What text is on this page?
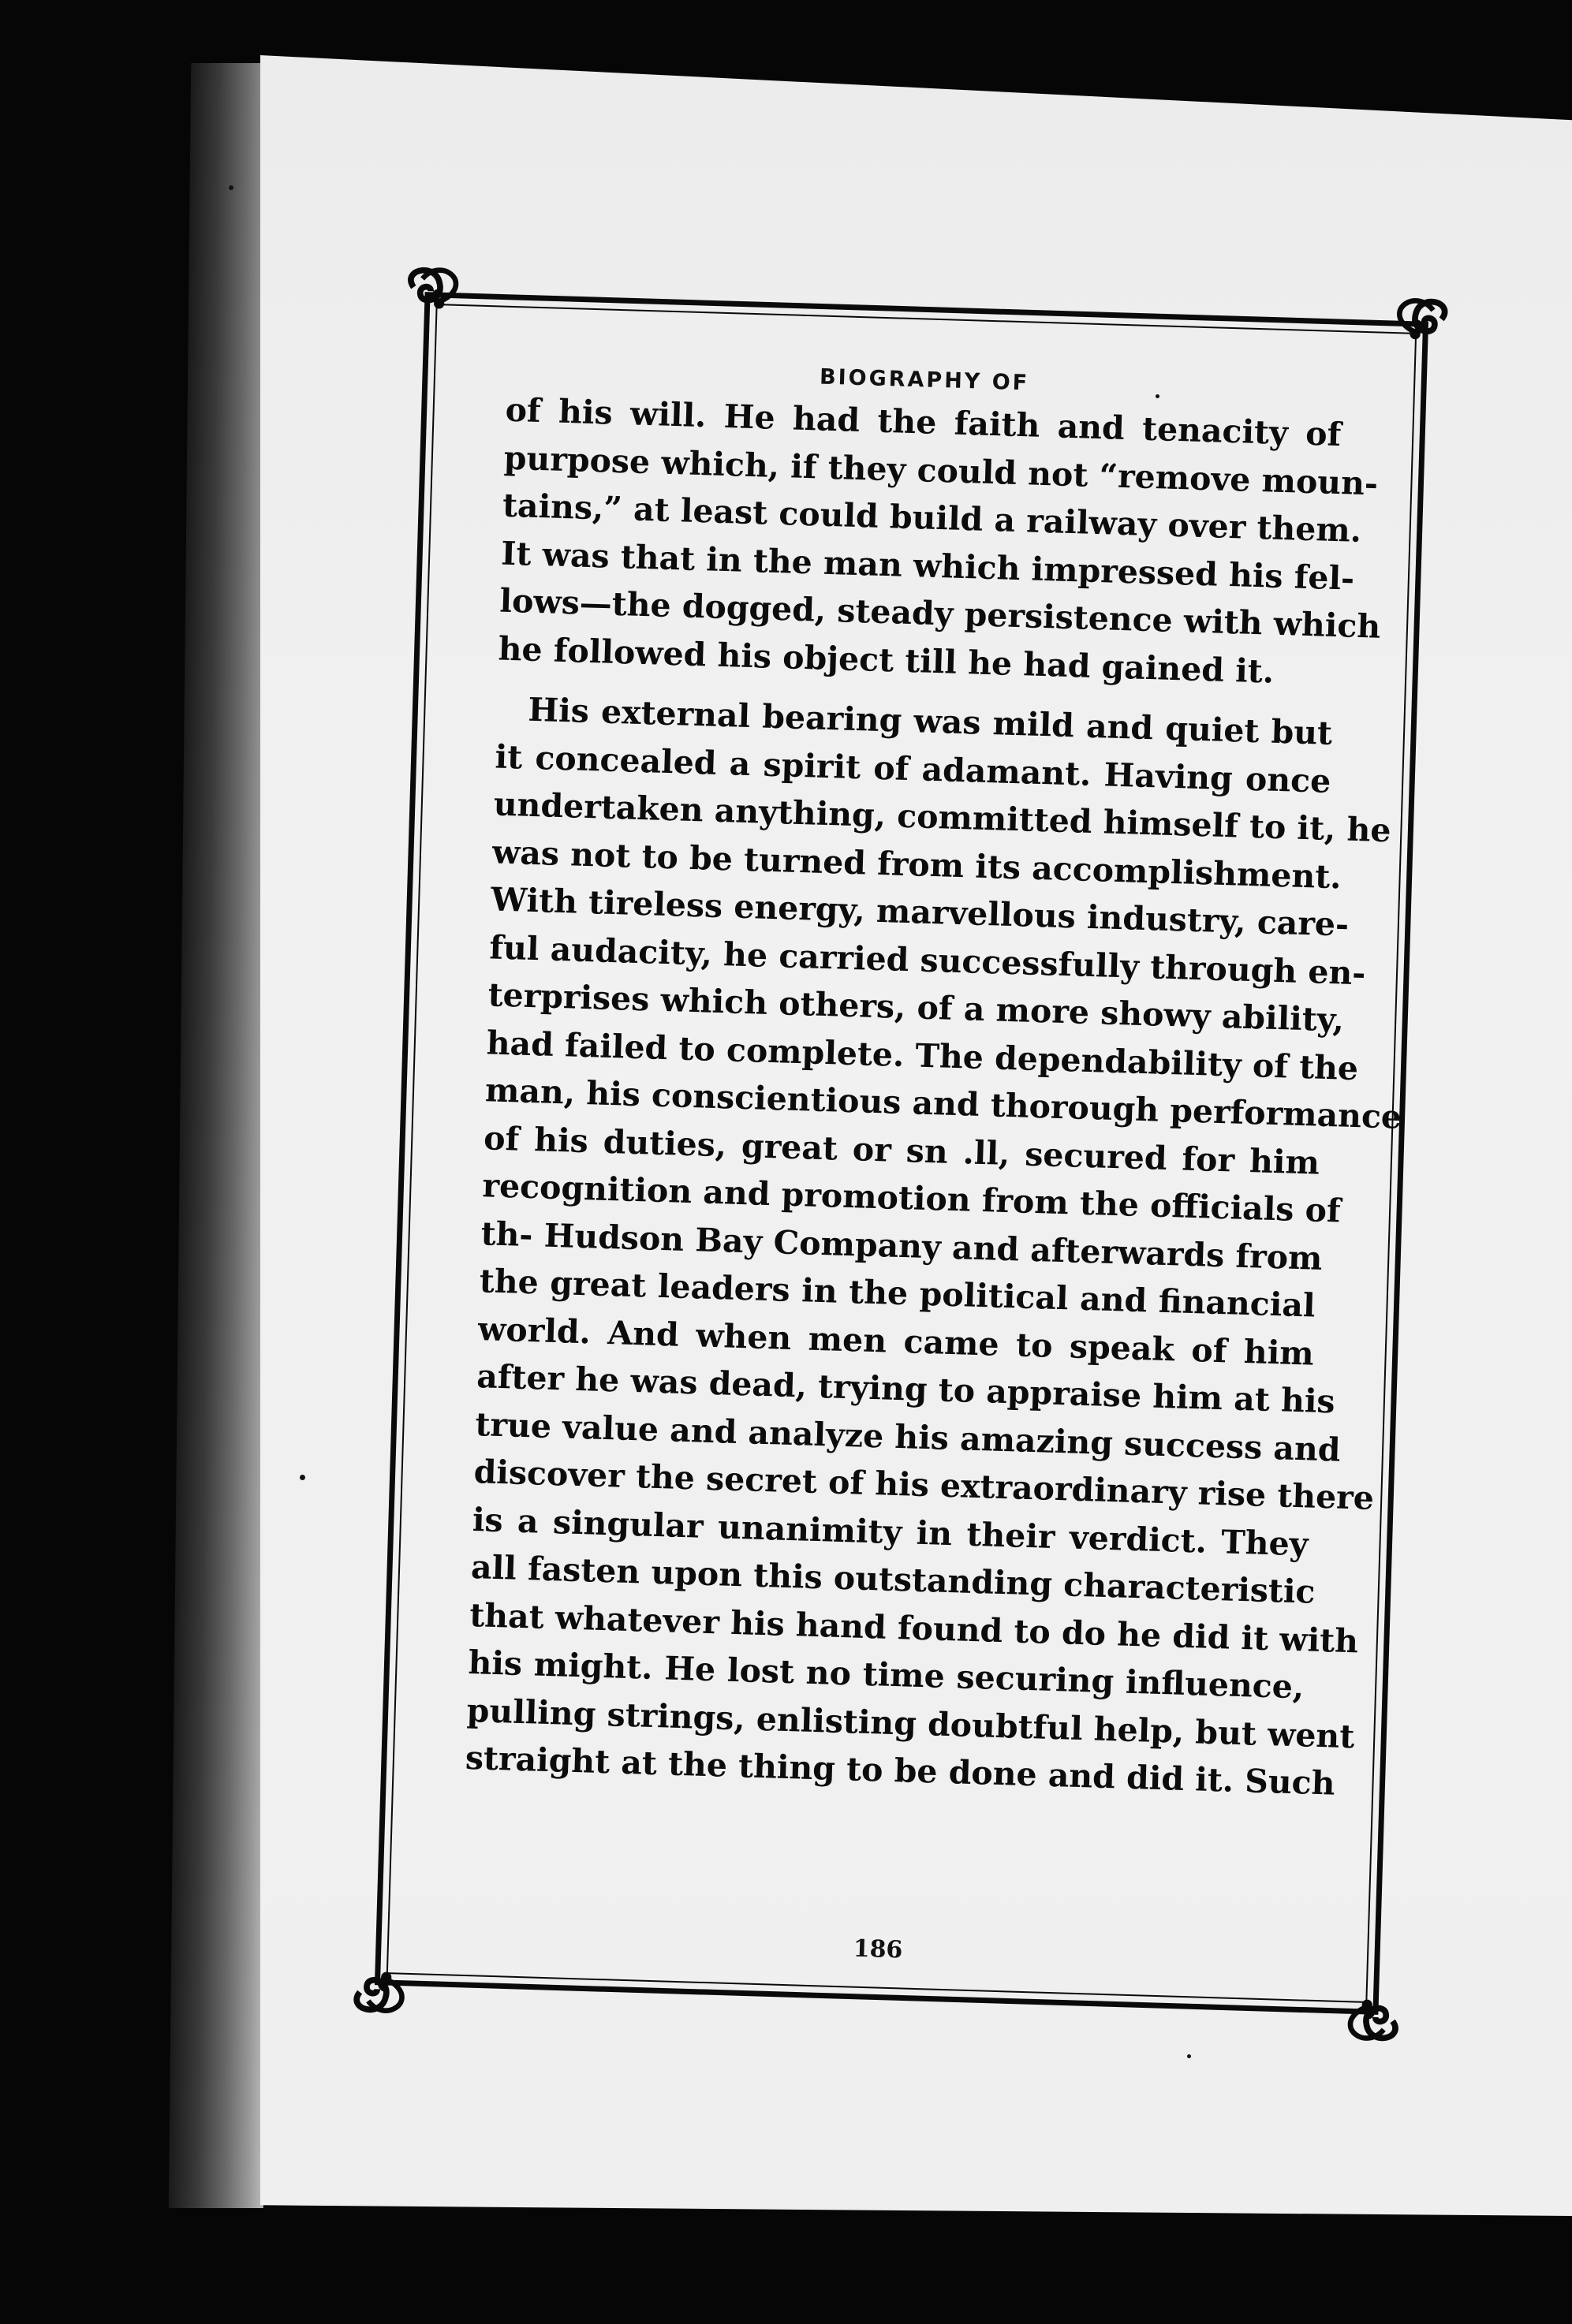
BIOGRAPHY OF
of his will. He had the faith and tenacity of
purpose which, if they could not “remove moun-
tains,” at least could build a railway over them.
It was that in the man which impressed his fel-
lows—the dogged, steady persistence with which
he followed his object till he had gained it.
His external bearing was mild and quiet but
it concealed a spirit of adamant. Having once
undertaken anything, committed himself to it, he
was not to be turned from its accomplishment.
With tireless energy, marvellous industry, care-
ful audacity, he carried successfully through en-
terprises which others, of a more showy ability,
had failed to complete. The dependability of the
man, his conscientious and thorough performance
of his duties, great or sn .ll, secured for him
recognition and promotion from the officials of
th‐ Hudson Bay Company and afterwards from
the great leaders in the political and financial
world. And when men came to speak of him
after he was dead, trying to appraise him at his
true value and analyze his amazing success and
discover the secret of his extraordinary rise there
is a singular unanimity in their verdict. They
all fasten upon this outstanding characteristic
that whatever his hand found to do he did it with
his might. He lost no time securing influence,
pulling strings, enlisting doubtful help, but went
straight at the thing to be done and did it. Such
186
